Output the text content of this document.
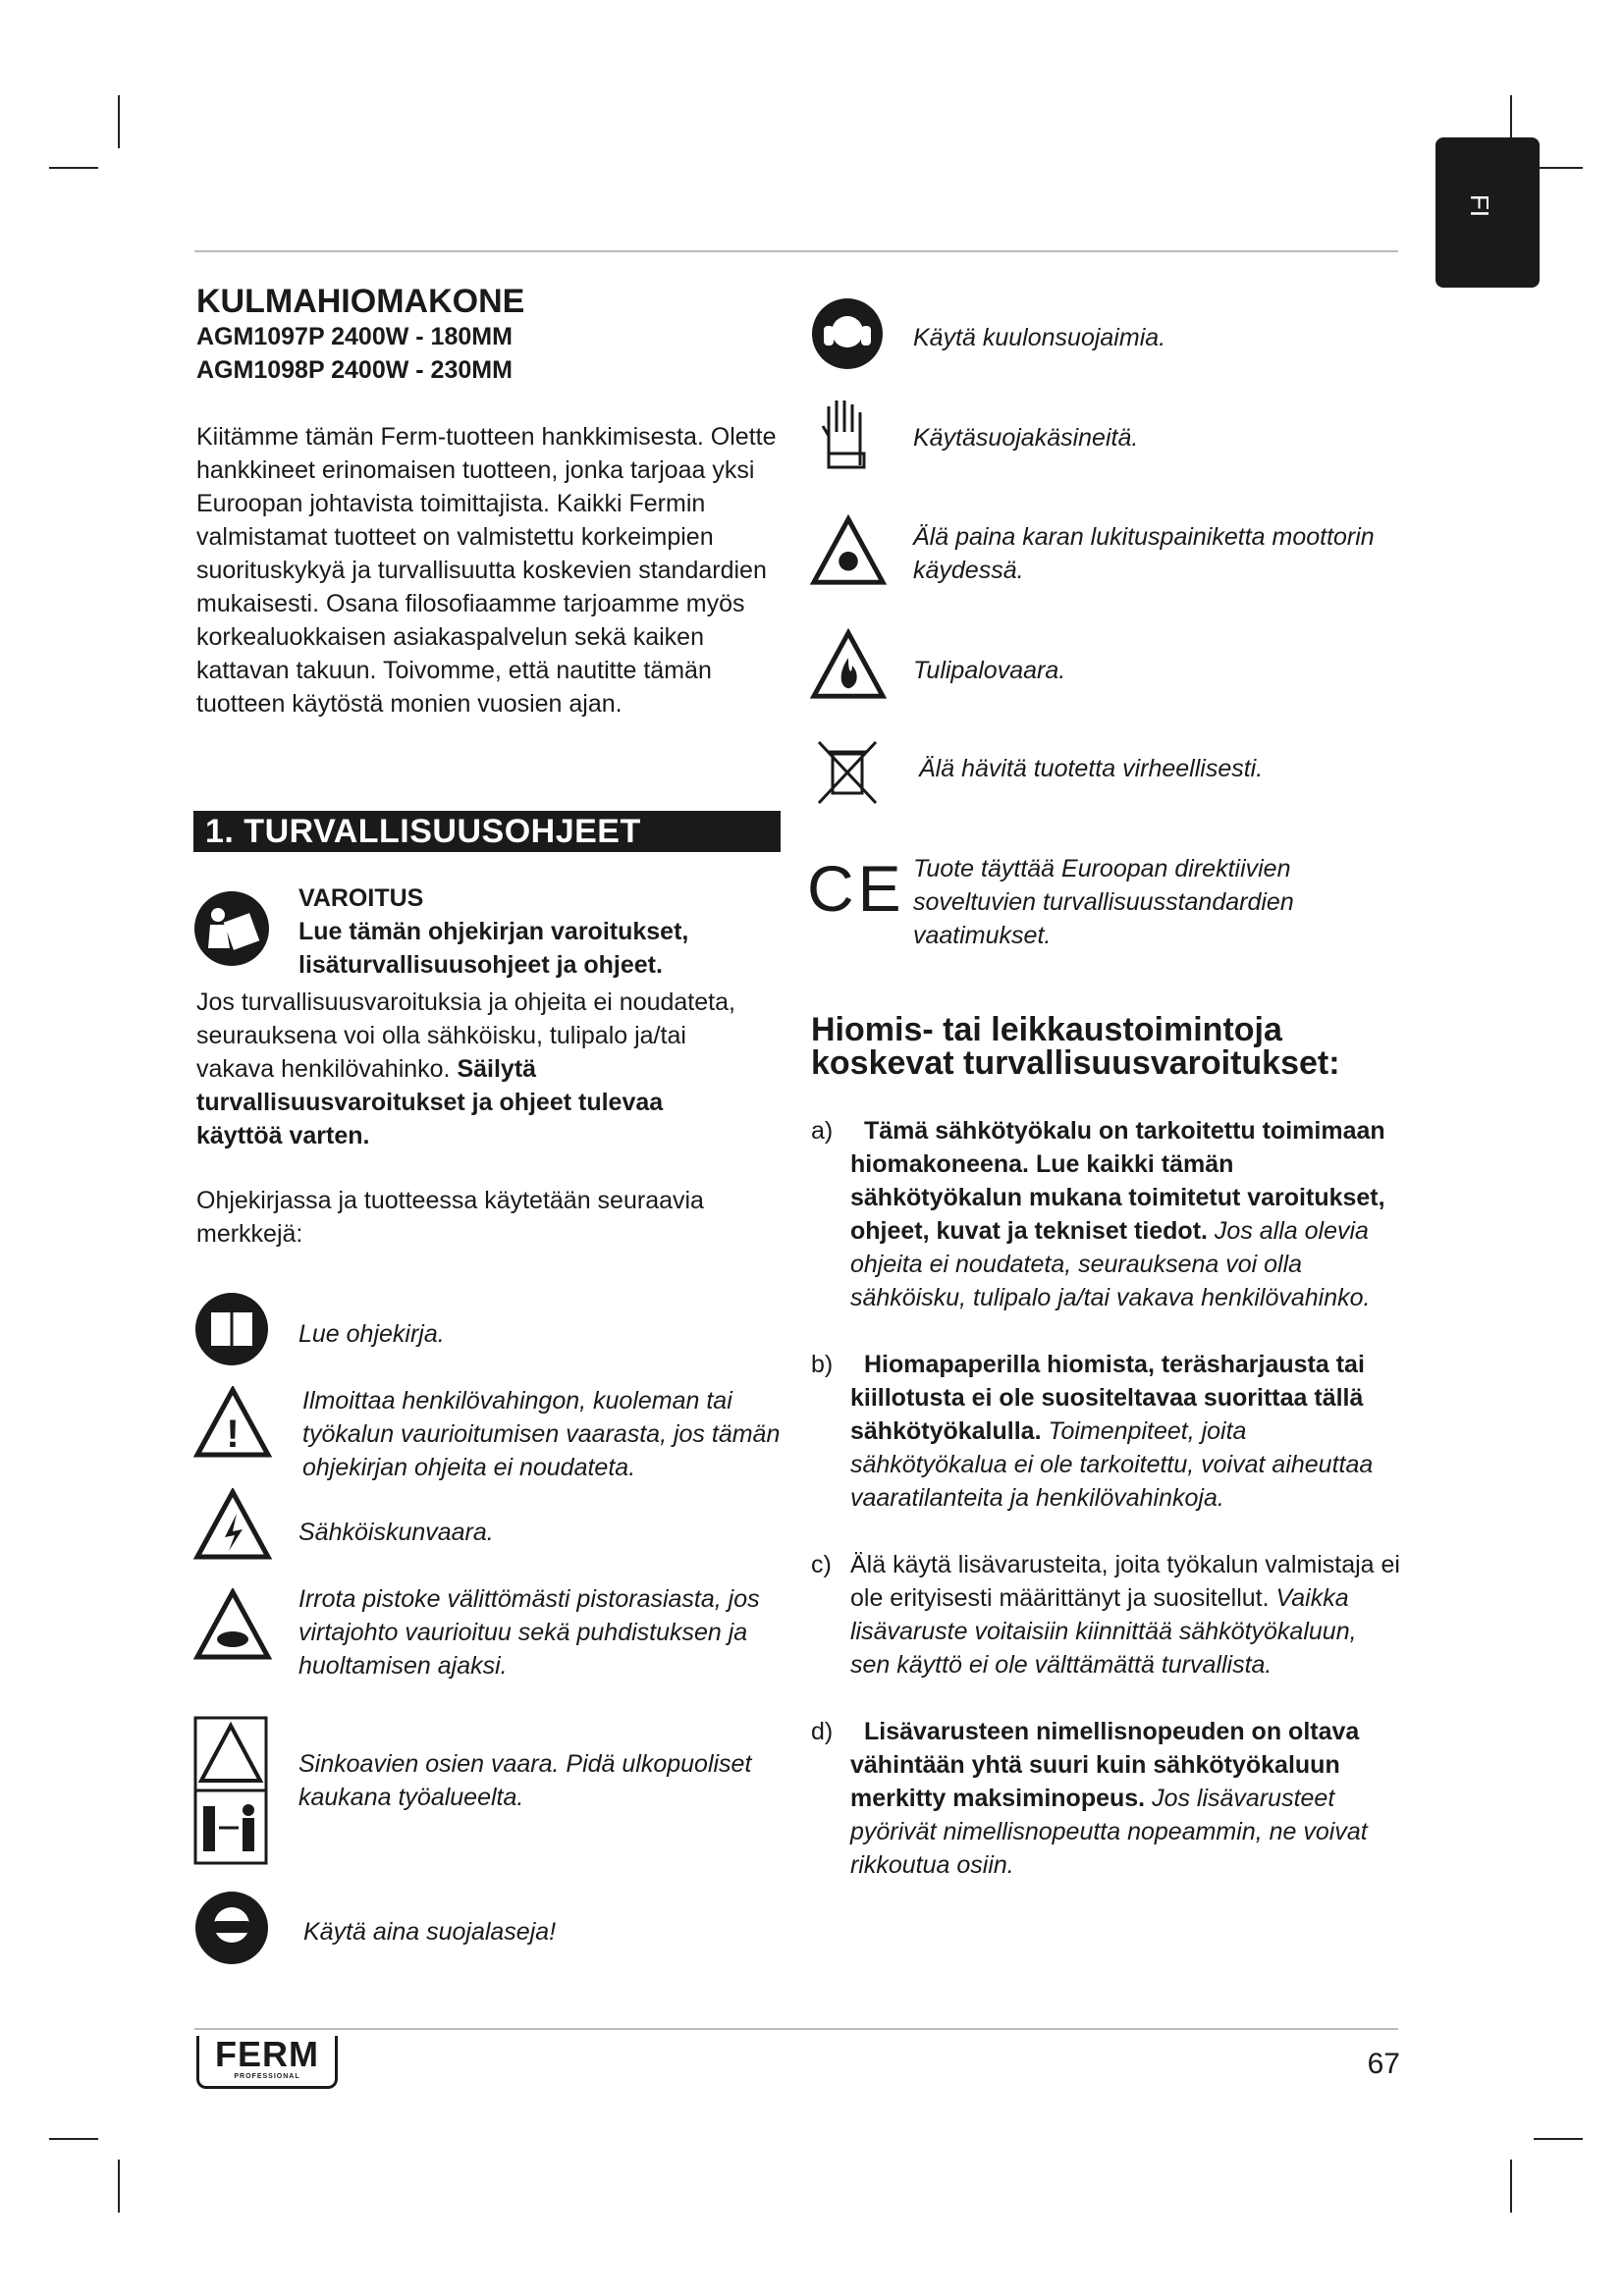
FI
KULMAHIOMAKONE
AGM1097P 2400W - 180MM
AGM1098P 2400W - 230MM
Kiitämme tämän Ferm-tuotteen hankkimisesta. Olette hankkineet erinomaisen tuotteen, jonka tarjoaa yksi Euroopan johtavista toimittajista. Kaikki Fermin valmistamat tuotteet on valmistettu korkeimpien suorituskykyä ja turvallisuutta koskevien standardien mukaisesti. Osana filosofiaamme tarjoamme myös korkealuokkaisen asiakaspalvelun sekä kaiken kattavan takuun. Toivomme, että nautitte tämän tuotteen käytöstä monien vuosien ajan.
1. TURVALLISUUSOHJEET
VAROITUS
Lue tämän ohjekirjan varoitukset, lisäturvallisuusohjeet ja ohjeet.
Jos turvallisuusvaroituksia ja ohjeita ei noudateta, seurauksena voi olla sähköisku, tulipalo ja/tai vakava henkilövahinko. Säilytä turvallisuusvaroitukset ja ohjeet tulevaa käyttöä varten.
Ohjekirjassa ja tuotteessa käytetään seuraavia merkkejä:
Lue ohjekirja.
!
Ilmoittaa henkilövahingon, kuoleman tai työkalun vaurioitumisen vaarasta, jos tämän ohjekirjan ohjeita ei noudateta.
Sähköiskunvaara.
Irrota pistoke välittömästi pistorasiasta, jos virtajohto vaurioituu sekä puhdistuksen ja huoltamisen ajaksi.
Sinkoavien osien vaara. Pidä ulkopuoliset kaukana työalueelta.
Käytä aina suojalaseja!
Käytä kuulonsuojaimia.
Käytäsuojakäsineitä.
Älä paina karan lukituspainiketta moottorin käydessä.
Tulipalovaara.
Älä hävitä tuotetta virheellisesti.
CE Tuote täyttää Euroopan direktiivien soveltuvien turvallisuusstandardien vaatimukset.
Hiomis- tai leikkaustoimintoja koskevat turvallisuusvaroitukset:
a) Tämä sähkötyökalu on tarkoitettu toimimaan hiomakoneena. Lue kaikki tämän sähkötyökalun mukana toimitetut varoitukset, ohjeet, kuvat ja tekniset tiedot. Jos alla olevia ohjeita ei noudateta, seurauksena voi olla sähköisku, tulipalo ja/tai vakava henkilövahinko.
b) Hiomapaperilla hiomista, teräsharjausta tai kiillotusta ei ole suositeltavaa suorittaa tällä sähkötyökalulla. Toimenpiteet, joita sähkötyökalua ei ole tarkoitettu, voivat aiheuttaa vaaratilanteita ja henkilövahinkoja.
c) Älä käytä lisävarusteita, joita työkalun valmistaja ei ole erityisesti määrittänyt ja suositellut. Vaikka lisävaruste voitaisiin kiinnittää sähkötyökaluun, sen käyttö ei ole välttämättä turvallista.
d) Lisävarusteen nimellisnopeuden on oltava vähintään yhtä suuri kuin sähkötyökaluun merkitty maksiminopeus. Jos lisävarusteet pyörivät nimellisnopeutta nopeammin, ne voivat rikkoutua osiin.
FERM
PROFESSIONAL	67
